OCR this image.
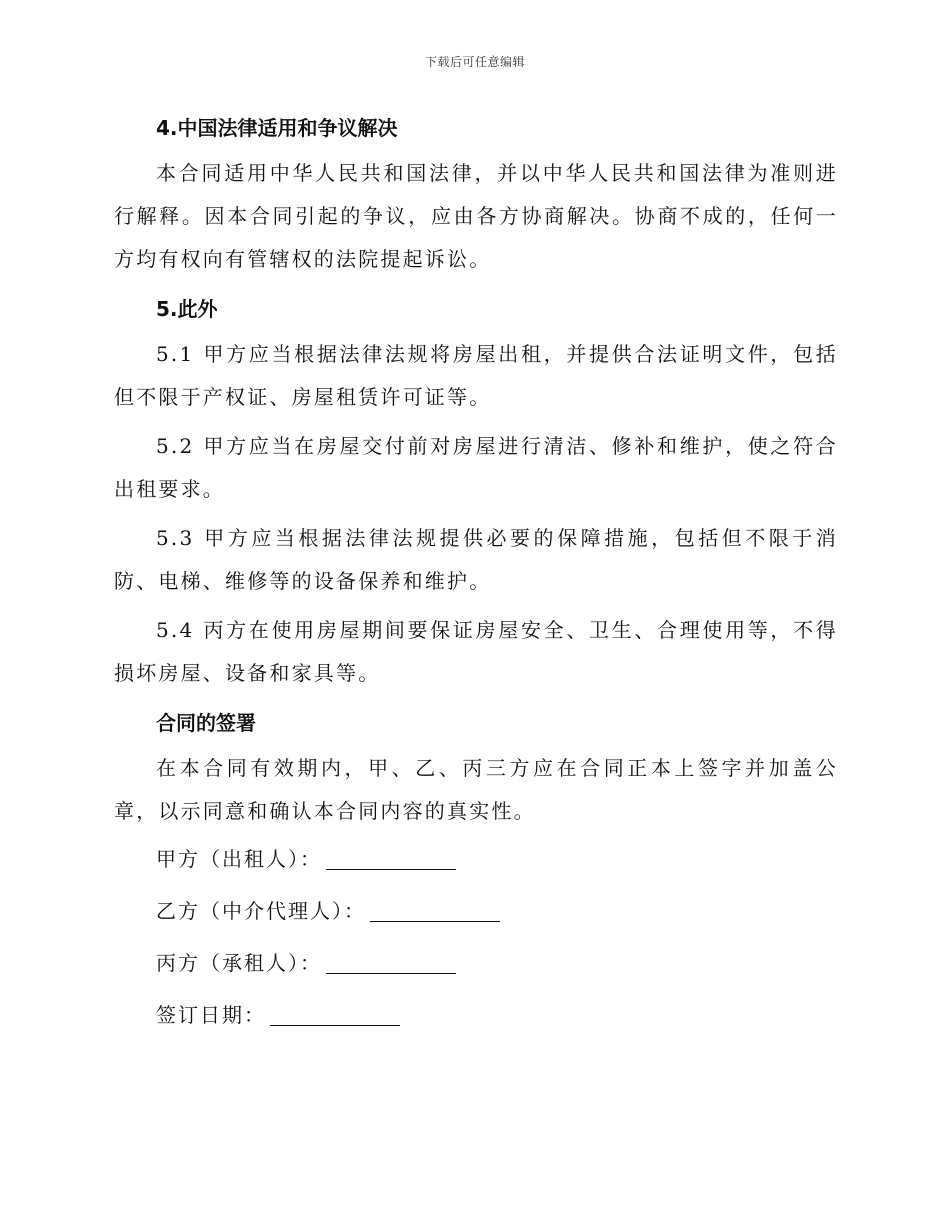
下载后可任意编辑
4.中国法律适用和争议解决

本合同适用中华人民共和国法律，并以中华人民共和国法律为准则进行解释。因本合同引起的争议，应由各方协商解决。协商不成的，任何一方均有权向有管辖权的法院提起诉讼。

5.此外

5.1 甲方应当根据法律法规将房屋出租，并提供合法证明文件，包括但不限于产权证、房屋租赁许可证等。

5.2 甲方应当在房屋交付前对房屋进行清洁、修补和维护，使之符合出租要求。

5.3 甲方应当根据法律法规提供必要的保障措施，包括但不限于消防、电梯、维修等的设备保养和维护。

5.4 丙方在使用房屋期间要保证房屋安全、卫生、合理使用等，不得损坏房屋、设备和家具等。

合同的签署

在本合同有效期内，甲、乙、丙三方应在合同正本上签字并加盖公章，以示同意和确认本合同内容的真实性。

甲方（出租人）：

乙方（中介代理人）：

丙方（承租人）：

签订日期：
